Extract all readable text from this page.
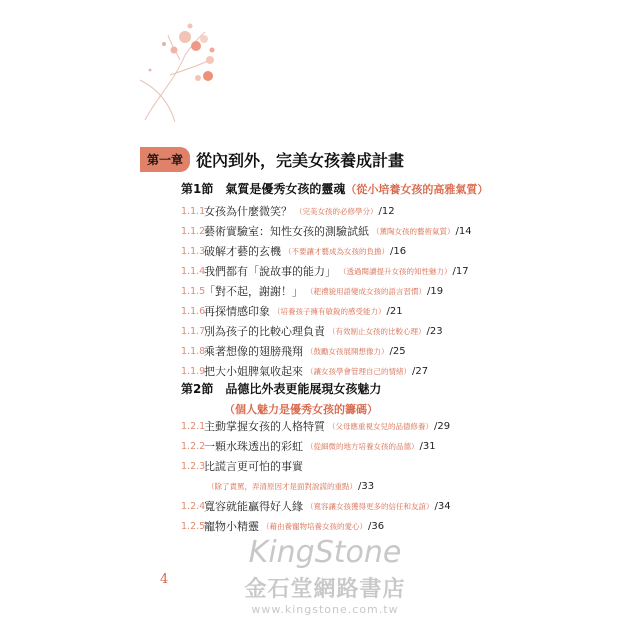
第一章 從內到外，完美女孩養成計畫
第1節　氣質是優秀女孩的靈魂（從小培養女孩的高雅氣質）
1.1.1
女孩為什麼微笑？ （完美女孩的必修學分） /12
1.1.2
藝術實驗室：知性女孩的測驗試紙 （薰陶女孩的藝術氣質） /14
1.1.3
破解才藝的玄機 （不要讓才藝成為女孩的負擔） /16
1.1.4
我們都有「說故事的能力」 （透過閱讀提升女孩的知性魅力） /17
1.1.5
「對不起，謝謝！」 （耙禮貌用語變成女孩的語言習慣） /19
1.1.6
再探情感印象 （培養孩子擁有敏銳的感受能力） /21
1.1.7
別為孩子的比較心理負責 （有效制止女孩的比較心理） /23
1.1.8
乘著想像的翅膀飛翔 （鼓勵女孩展開想像力） /25
1.1.9
把大小姐脾氣收起來 （讓女孩學會管理自己的情緒） /27
第2節　品德比外表更能展現女孩魅力
（個人魅力是優秀女孩的籌碼）
1.2.1
主動掌握女孩的人格特質 （父母應重視女兒的品德修養） /29
1.2.2
一顆水珠透出的彩虹 （從細微的地方培養女孩的品德） /31
1.2.3
比謊言更可怕的事實
（除了責罵，弄清原因才是面對說謊的重點） /33
1.2.4
寬容就能贏得好人緣 （寬容讓女孩獲得更多的信任和友誼） /34
1.2.5
寵物小精靈 （藉由養寵物培養女孩的愛心） /36
4
KingStone
金石堂網路書店
www.kingstone.com.tw
